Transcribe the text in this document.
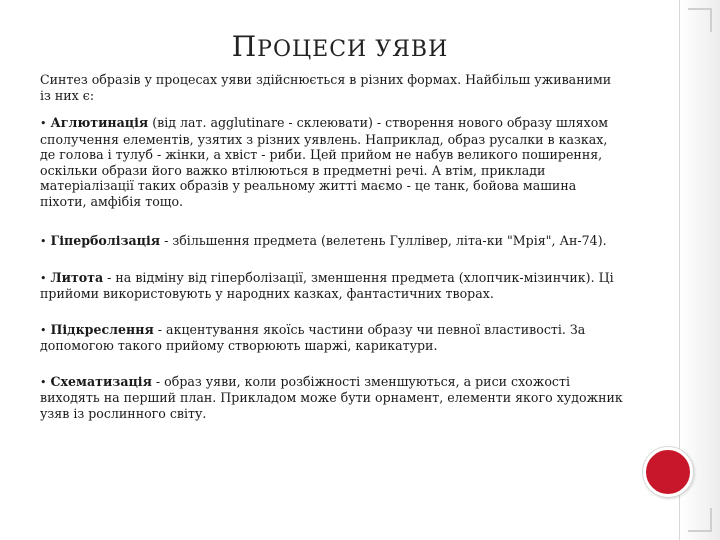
ПРОЦЕСИ УЯВИ

Синтез образів у процесах уяви здійснюється в різних формах. Найбільш уживаними із них є:

• Аглютинація (від лат. agglutinare - склеювати) - створення нового образу шляхом сполучення елементів, узятих з різних уявлень. Наприклад, образ русалки в казках, де голова і тулуб - жінки, а хвіст - риби. Цей прийом не набув великого поширення, оскільки образи його важко втілюються в предметні речі. А втім, приклади матеріалізації таких образів у реальному житті маємо - це танк, бойова машина піхоти, амфібія тощо.

• Гіперболізація - збільшення предмета (велетень Гуллівер, літа-ки "Мрія", Ан-74).

• Литота - на відміну від гіперболізації, зменшення предмета (хлопчик-мізинчик). Ці прийоми використовують у народних казках, фантастичних творах.

• Підкреслення - акцентування якоїсь частини образу чи певної властивості. За допомогою такого прийому створюють шаржі, карикатури.

• Схематизація - образ уяви, коли розбіжності зменшуються, а риси схожості виходять на перший план. Прикладом може бути орнамент, елементи якого художник узяв із рослинного світу.
